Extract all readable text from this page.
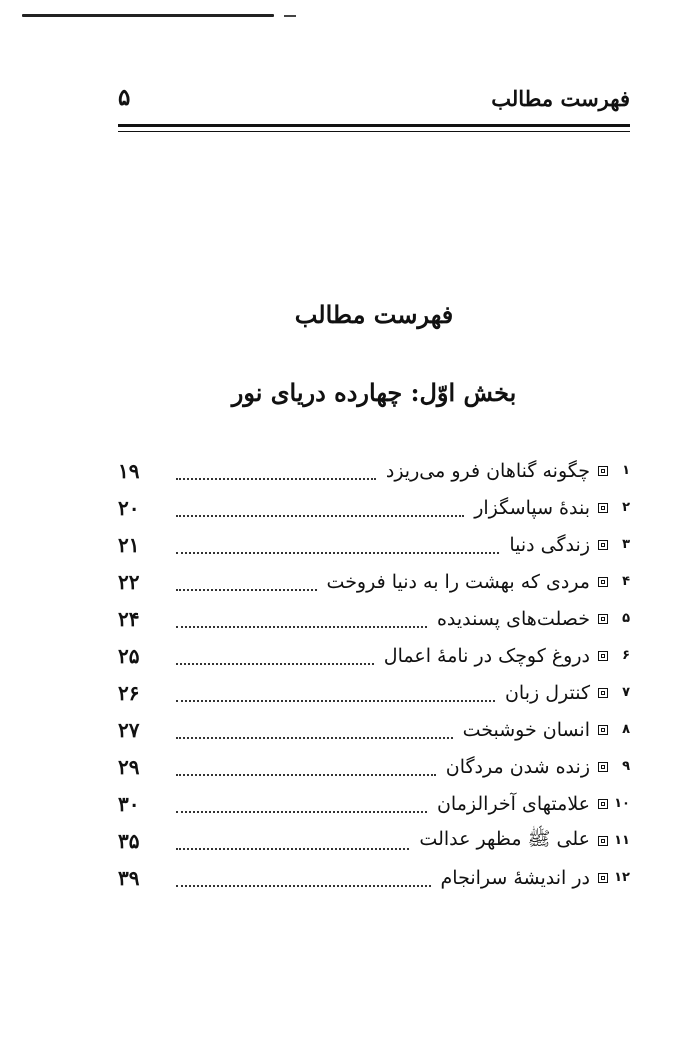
فهرست مطالب
۵
فهرست مطالب
بخش اوّل: چهارده دریای نور
۱
چگونه گناهان فرو می‌ریزد
۱۹
۲
بندهٔ سپاسگزار
۲۰
۳
زندگی دنیا
۲۱
۴
مردی که بهشت را به دنیا فروخت
۲۲
۵
خصلت‌های پسندیده
۲۴
۶
دروغ کوچک در نامهٔ اعمال
۲۵
۷
کنترل زبان
۲۶
۸
انسان خوشبخت
۲۷
۹
زنده شدن مردگان
۲۹
۱۰
علامتهای آخرالزمان
۳۰
۱۱
علی ﷺ مظهر عدالت
۳۵
۱۲
در اندیشهٔ سرانجام
۳۹
